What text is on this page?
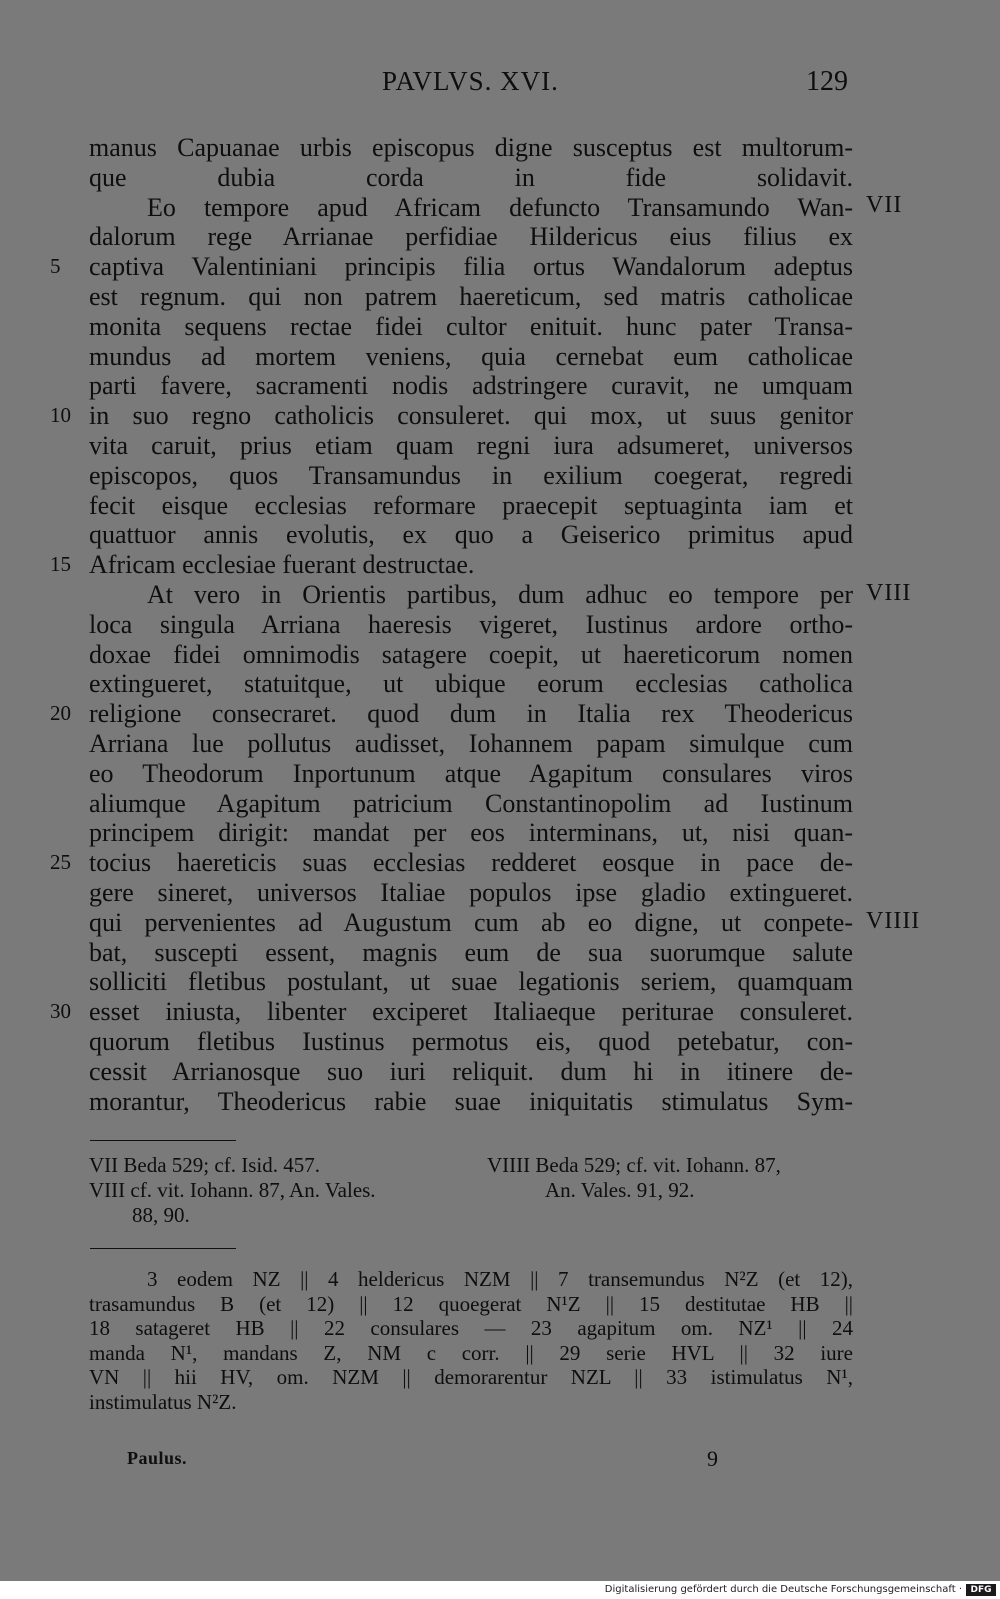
PAVLVS. XVI.	129
manus Capuanae urbis episcopus digne susceptus est multorum-
que dubia corda in fide solidavit.
Eo tempore apud Africam defuncto Transamundo Wan-
dalorum rege Arrianae perfidiae Hildericus eius filius ex
5	captiva Valentiniani principis filia ortus Wandalorum adeptus
est regnum. qui non patrem haereticum, sed matris catholicae
monita sequens rectae fidei cultor enituit. hunc pater Transa-
mundus ad mortem veniens, quia cernebat eum catholicae
parti favere, sacramenti nodis adstringere curavit, ne umquam
10 in suo regno catholicis consuleret. qui mox, ut suus genitor
vita caruit, prius etiam quam regni iura adsumeret, universos
episcopos, quos Transamundus in exilium coegerat, regredi
fecit eisque ecclesias reformare praecepit septuaginta iam et
quattuor annis evolutis, ex quo a Geiserico primitus apud
15 Africam ecclesiae fuerant destructae.
At vero in Orientis partibus, dum adhuc eo tempore per
loca singula Arriana haeresis vigeret, Iustinus ardore ortho-
doxae fidei omnimodis satagere coepit, ut haereticorum nomen
extingueret, statuitque, ut ubique eorum ecclesias catholica
20 religione consecraret. quod dum in Italia rex Theodericus
Arriana lue pollutus audisset, Iohannem papam simulque cum
eo Theodorum Inportunum atque Agapitum consulares viros
aliumque Agapitum patricium Constantinopolim ad Iustinum
principem dirigit: mandat per eos interminans, ut, nisi quan-
25 tocius haereticis suas ecclesias redderet eosque in pace de-
gere sineret, universos Italiae populos ipse gladio extingueret.
qui pervenientes ad Augustum cum ab eo digne, ut conpete-
bat, suscepti essent, magnis eum de sua suorumque salute
solliciti fletibus postulant, ut suae legationis seriem, quamquam
30 esset iniusta, libenter exciperet Italiaeque periturae consuleret.
quorum fletibus Iustinus permotus eis, quod petebatur, con-
cessit Arrianosque suo iuri reliquit. dum hi in itinere de-
morantur, Theodericus rabie suae iniquitatis stimulatus Sym-
VII
VIII
VIIII
VII Beda 529; cf. Isid. 457.
VIII cf. vit. Iohann. 87, An. Vales.
88, 90.
VIIII Beda 529; cf. vit. Iohann. 87,
An. Vales. 91, 92.
3 eodem NZ || 4 heldericus NZM || 7 transemundus N²Z (et 12),
trasamundus B (et 12) || 12 quoegerat N¹Z || 15 destitutae HB ||
18 satageret HB || 22 consulares — 23 agapitum om. NZ¹ || 24
manda N¹, mandans Z, NM c corr. || 29 serie HVL || 32 iure
VN || hii HV, om. NZM || demorarentur NZL || 33 istimulatus N¹,
instimulatus N²Z.
Paulus.	9
Digitalisierung gefördert durch die Deutsche Forschungsgemeinschaft · DFG
